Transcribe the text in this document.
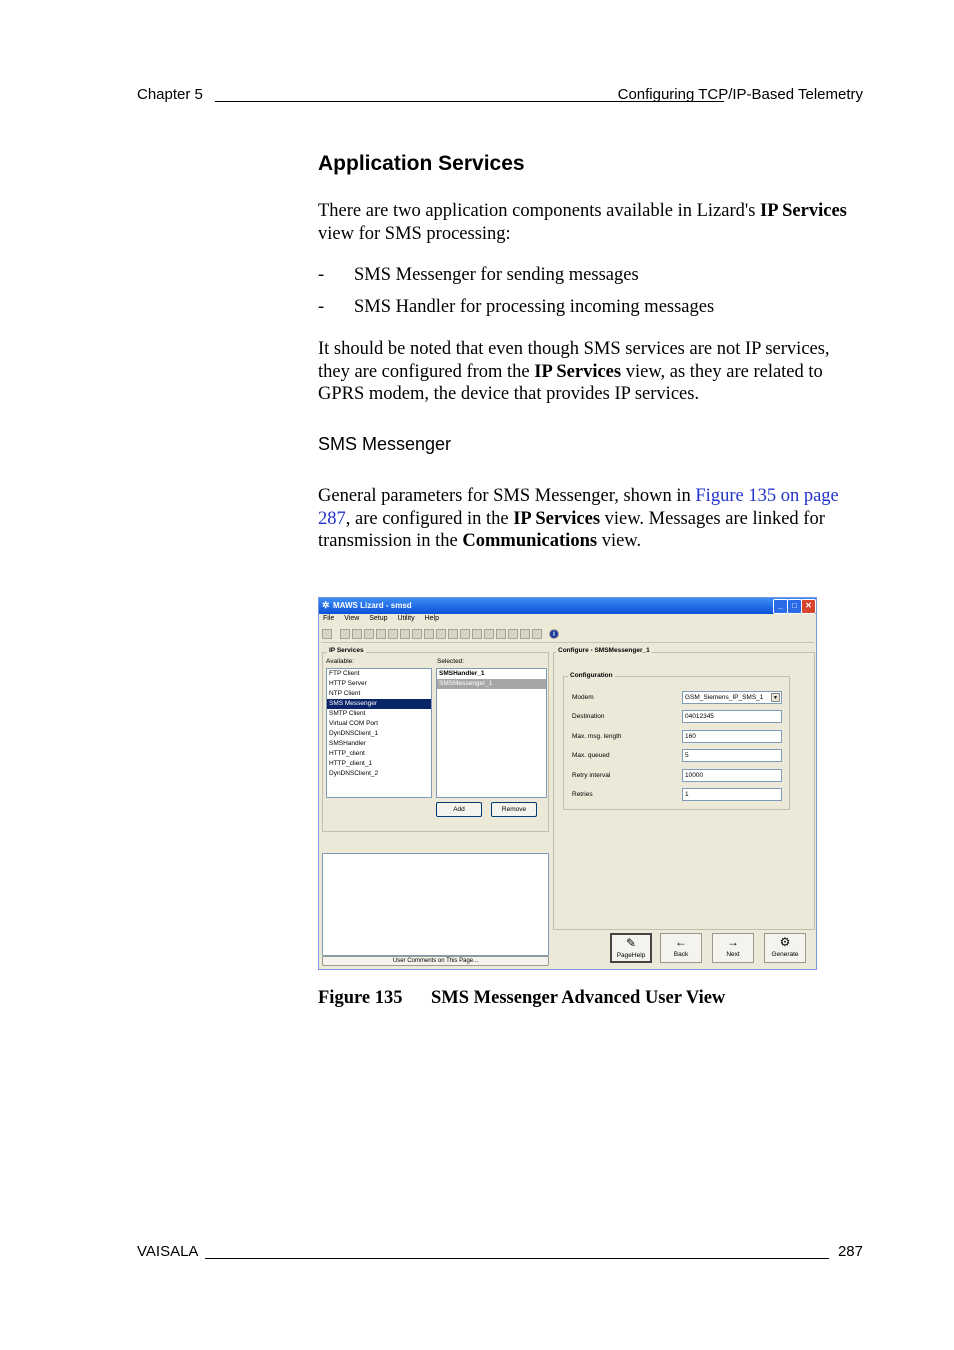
Chapter 5	Configuring TCP/IP-Based Telemetry
Application Services

There are two application components available in Lizard's IP Services view for SMS processing:

- SMS Messenger for sending messages
- SMS Handler for processing incoming messages

It should be noted that even though SMS services are not IP services, they are configured from the IP Services view, as they are related to GPRS modem, the device that provides IP services.

SMS Messenger

General parameters for SMS Messenger, shown in Figure 135 on page 287, are configured in the IP Services view. Messages are linked for transmission in the Communications view.

✲ MAWS Lizard - smsd	_	□	✕
File View Setup Utility Help
i
IP Services
Available:	Selected:
FTP Client
HTTP Server
NTP Client
SMS Messenger
SMTP Client
Virtual COM Port
DynDNSClient_1
SMSHandler
HTTP_client
HTTP_client_1
DynDNSClient_2
SMSHandler_1
SMSMessenger_1
Add	Remove
User Comments on This Page...
Configure - SMSMessenger_1
Configuration
Modem	GSM_Siemens_IP_SMS_1	▼
Destination	04012345
Max. msg. length	160
Max. queued	5
Retry interval	10000
Retries	1
✎
PageHelp
←
Back
→
Next
⚙
Generate
Figure 135 SMS Messenger Advanced User View
VAISALA	287
